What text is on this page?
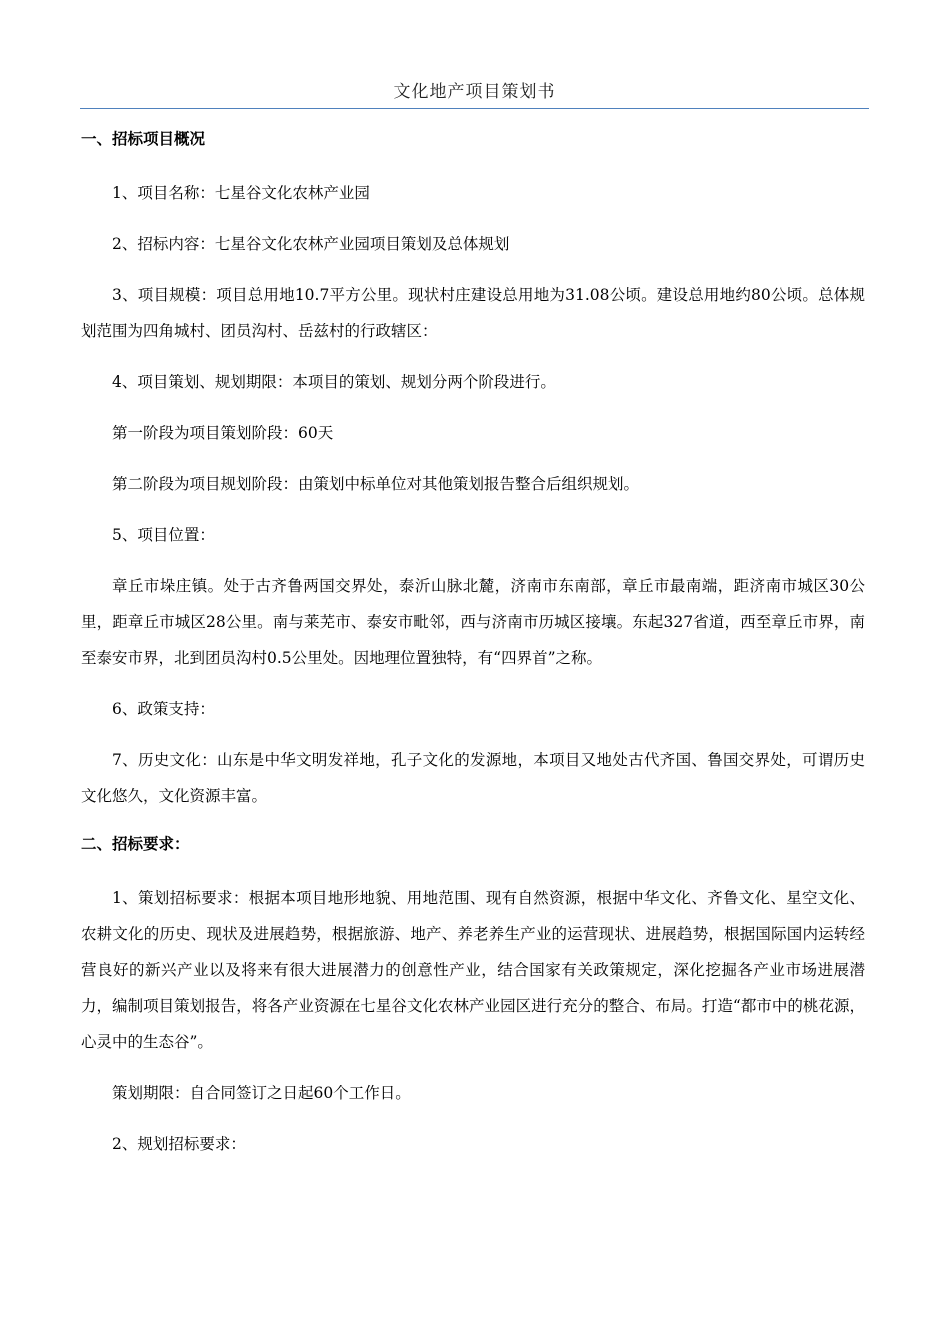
文化地产项目策划书
一、招标项目概况

1、项目名称：七星谷文化农林产业园

2、招标内容：七星谷文化农林产业园项目策划及总体规划

3、项目规模：项目总用地10.7平方公里。现状村庄建设总用地为31.08公顷。建设总用地约80公顷。总体规划范围为四角城村、团员沟村、岳兹村的行政辖区：

4、项目策划、规划期限：本项目的策划、规划分两个阶段进行。

第一阶段为项目策划阶段：60天

第二阶段为项目规划阶段：由策划中标单位对其他策划报告整合后组织规划。

5、项目位置：

章丘市垛庄镇。处于古齐鲁两国交界处，泰沂山脉北麓，济南市东南部，章丘市最南端，距济南市城区30公里，距章丘市城区28公里。南与莱芜市、泰安市毗邻，西与济南市历城区接壤。东起327省道，西至章丘市界，南至泰安市界，北到团员沟村0.5公里处。因地理位置独特，有“四界首”之称。

6、政策支持：

7、历史文化：山东是中华文明发祥地，孔子文化的发源地，本项目又地处古代齐国、鲁国交界处，可谓历史文化悠久，文化资源丰富。

二、招标要求：

1、策划招标要求：根据本项目地形地貌、用地范围、现有自然资源，根据中华文化、齐鲁文化、星空文化、农耕文化的历史、现状及进展趋势，根据旅游、地产、养老养生产业的运营现状、进展趋势，根据国际国内运转经营良好的新兴产业以及将来有很大进展潜力的创意性产业，结合国家有关政策规定，深化挖掘各产业市场进展潜力，编制项目策划报告，将各产业资源在七星谷文化农林产业园区进行充分的整合、布局。打造“都市中的桃花源，心灵中的生态谷”。

策划期限：自合同签订之日起60个工作日。

2、规划招标要求：
